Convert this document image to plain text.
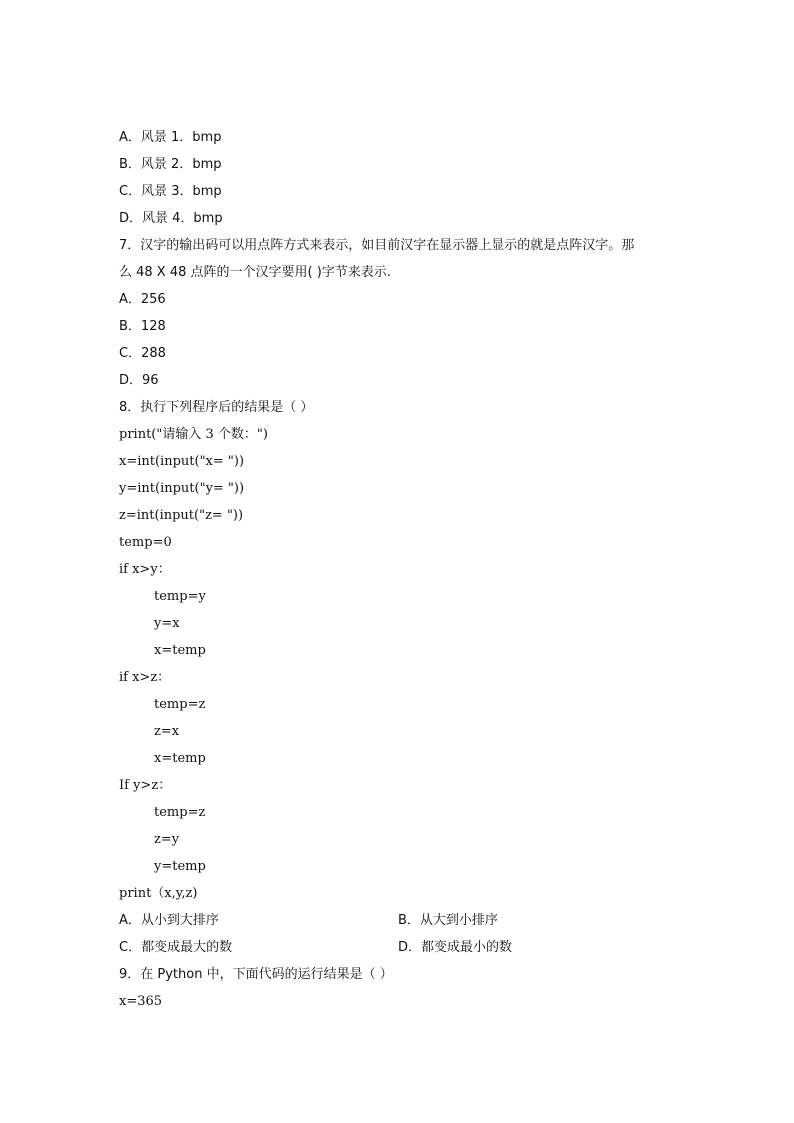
A．风景 1．bmp
B．风景 2．bmp
C．风景 3．bmp
D．风景 4．bmp
7．汉字的输出码可以用点阵方式来表示，如目前汉字在显示器上显示的就是点阵汉字。那
么 48 X 48 点阵的一个汉字要用( )字节来表示.
A．256
B．128
C．288
D．96
8．执行下列程序后的结果是（ ）
print("请输入 3 个数：")
x=int(input("x= "))
y=int(input("y= "))
z=int(input("z= "))
temp=0
if x>y：
temp=y
y=x
x=temp
if x>z：
temp=z
z=x
x=temp
If y>z：
temp=z
z=y
y=temp
print（x,y,z)
A．从小到大排序	B．从大到小排序
C．都变成最大的数	D．都变成最小的数
9．在 Python 中，下面代码的运行结果是（ ）
x=365
